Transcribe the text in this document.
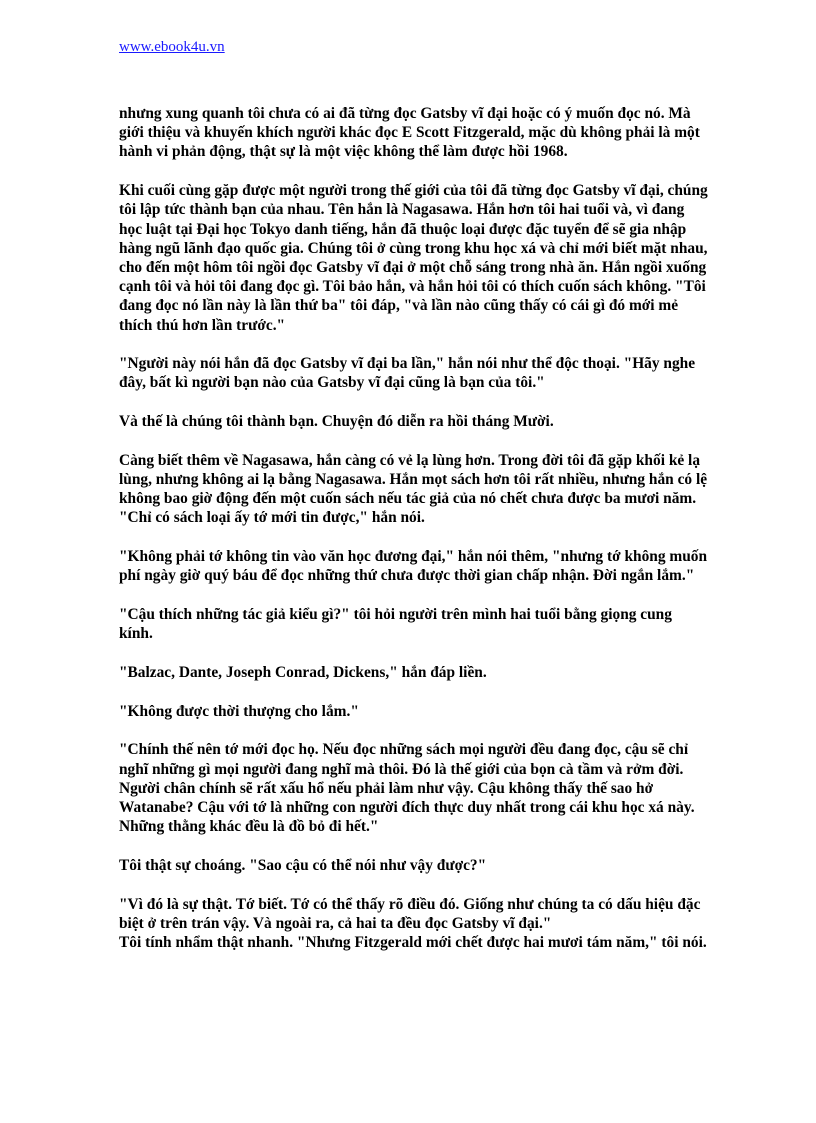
www.ebook4u.vn

nhưng xung quanh tôi chưa có ai đã từng đọc Gatsby vĩ đại hoặc có ý muốn đọc nó. Mà giới thiệu và khuyến khích người khác đọc E Scott Fitzgerald, mặc dù không phải là một hành vi phản động, thật sự là một việc không thể làm được hồi 1968.

Khi cuối cùng gặp được một người trong thế giới của tôi đã từng đọc Gatsby vĩ đại, chúng tôi lập tức thành bạn của nhau. Tên hắn là Nagasawa. Hắn hơn tôi hai tuổi và, vì đang học luật tại Đại học Tokyo danh tiếng, hắn đã thuộc loại được đặc tuyển để sẽ gia nhập hàng ngũ lãnh đạo quốc gia. Chúng tôi ở cùng trong khu học xá và chỉ mới biết mặt nhau, cho đến một hôm tôi ngồi đọc Gatsby vĩ đại ở một chỗ sáng trong nhà ăn. Hắn ngồi xuống cạnh tôi và hỏi tôi đang đọc gì. Tôi bảo hắn, và hắn hỏi tôi có thích cuốn sách không. "Tôi đang đọc nó lần này là lần thứ ba" tôi đáp, "và lần nào cũng thấy có cái gì đó mới mẻ thích thú hơn lần trước."

"Người này nói hắn đã đọc Gatsby vĩ đại ba lần," hắn nói như thể độc thoại. "Hãy nghe đây, bất kì người bạn nào của Gatsby vĩ đại cũng là bạn của tôi."

Và thế là chúng tôi thành bạn. Chuyện đó diễn ra hồi tháng Mười.

Càng biết thêm về Nagasawa, hắn càng có vẻ lạ lùng hơn. Trong đời tôi đã gặp khối kẻ lạ lùng, nhưng không ai lạ bằng Nagasawa. Hắn mọt sách hơn tôi rất nhiều, nhưng hắn có lệ không bao giờ động đến một cuốn sách nếu tác giả của nó chết chưa được ba mươi năm. "Chỉ có sách loại ấy tớ mới tin được," hắn nói.

"Không phải tớ không tin vào văn học đương đại," hắn nói thêm, "nhưng tớ không muốn phí ngày giờ quý báu để đọc những thứ chưa được thời gian chấp nhận. Đời ngắn lắm."

"Cậu thích những tác giả kiểu gì?" tôi hỏi người trên mình hai tuổi bằng giọng cung kính.

"Balzac, Dante, Joseph Conrad, Dickens," hắn đáp liền.

"Không được thời thượng cho lắm."

"Chính thế nên tớ mới đọc họ. Nếu đọc những sách mọi người đều đang đọc, cậu sẽ chỉ nghĩ những gì mọi người đang nghĩ mà thôi. Đó là thế giới của bọn cà tầm và rởm đời. Người chân chính sẽ rất xấu hổ nếu phải làm như vậy. Cậu không thấy thế sao hở Watanabe? Cậu với tớ là những con người đích thực duy nhất trong cái khu học xá này. Những thằng khác đều là đồ bỏ đi hết."

Tôi thật sự choáng. "Sao cậu có thể nói như vậy được?"

"Vì đó là sự thật. Tớ biết. Tớ có thể thấy rõ điều đó. Giống như chúng ta có dấu hiệu đặc biệt ở trên trán vậy. Và ngoài ra, cả hai ta đều đọc Gatsby vĩ đại."

Tôi tính nhẩm thật nhanh. "Nhưng Fitzgerald mới chết được hai mươi tám năm," tôi nói.
